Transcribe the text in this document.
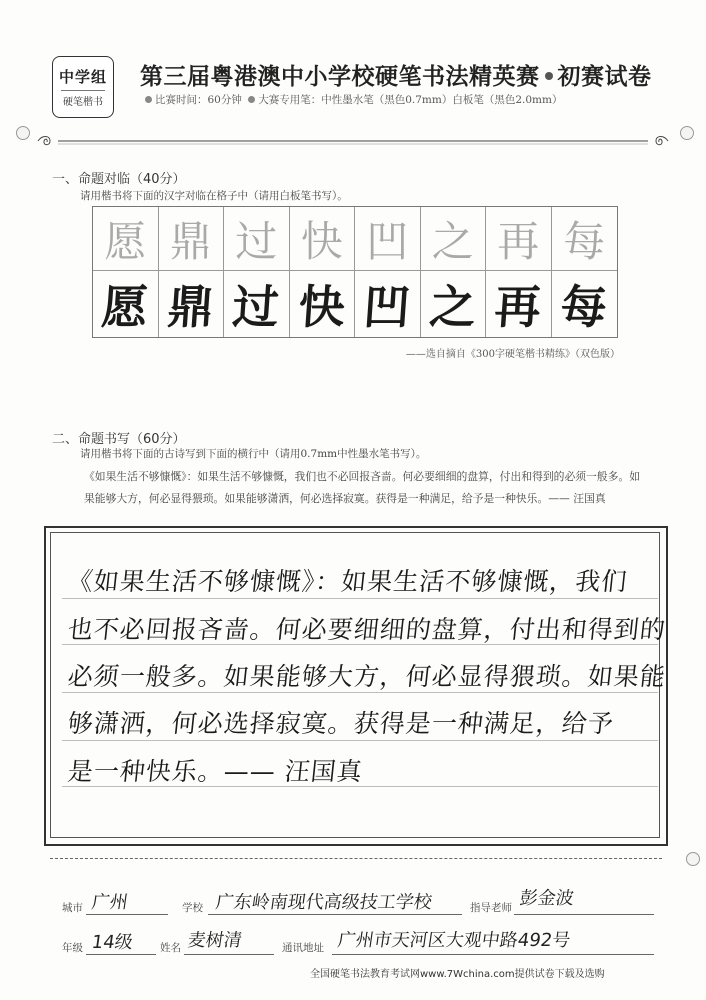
中学组
硬笔楷书
第三届粤港澳中小学校硬笔书法精英赛 初赛试卷
比赛时间：60分钟 大赛专用笔：中性墨水笔（黑色0.7mm）白板笔（黑色2.0mm）
一、命题对临（40分）
请用楷书将下面的汉字对临在格子中（请用白板笔书写）。
愿 鼎 过 快 凹 之 再 每
愿 鼎 过 快 凹 之 再 每
——选自摘自《300字硬笔楷书精练》（双色版）
二、命题书写（60分）
请用楷书将下面的古诗写到下面的横行中（请用0.7mm中性墨水笔书写）。
《如果生活不够慷慨》：如果生活不够慷慨，我们也不必回报吝啬。何必要细细的盘算，付出和得到的必须一般多。如果能够大方，何必显得猥琐。如果能够潇洒，何必选择寂寞。获得是一种满足，给予是一种快乐。—— 汪国真
《如果生活不够慷慨》：如果生活不够慷慨，我们
也不必回报吝啬。何必要细细的盘算，付出和得到的
必须一般多。如果能够大方，何必显得猥琐。如果能
够潇洒，何必选择寂寞。获得是一种满足，给予
是一种快乐。—— 汪国真
城市 广州	学校 广东岭南现代高级技工学校	指导老师 彭金波
年级 14级 姓名 麦树清	通讯地址 广州市天河区大观中路492号
全国硬笔书法教育考试网www.7Wchina.com提供试卷下载及选购
